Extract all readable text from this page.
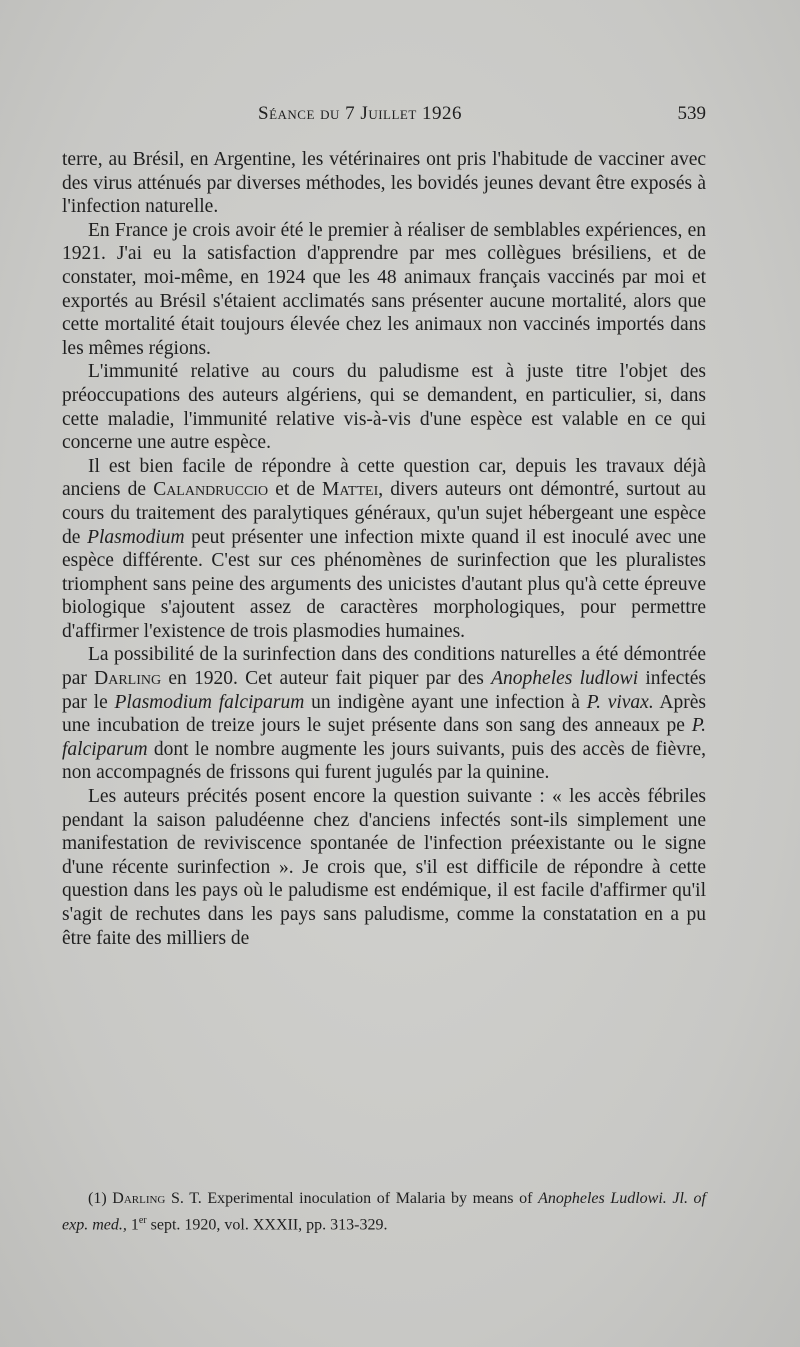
Séance du 7 Juillet 1926	539

terre, au Brésil, en Argentine, les vétérinaires ont pris l'habitude de vacciner avec des virus atténués par diverses méthodes, les bovidés jeunes devant être exposés à l'infection naturelle.

En France je crois avoir été le premier à réaliser de semblables expériences, en 1921. J'ai eu la satisfaction d'apprendre par mes collègues brésiliens, et de constater, moi-même, en 1924 que les 48 animaux français vaccinés par moi et exportés au Brésil s'étaient acclimatés sans présenter aucune mortalité, alors que cette mortalité était toujours élevée chez les animaux non vaccinés importés dans les mêmes régions.

L'immunité relative au cours du paludisme est à juste titre l'objet des préoccupations des auteurs algériens, qui se demandent, en particulier, si, dans cette maladie, l'immunité relative vis-à-vis d'une espèce est valable en ce qui concerne une autre espèce.

Il est bien facile de répondre à cette question car, depuis les travaux déjà anciens de Calandruccio et de Mattei, divers auteurs ont démontré, surtout au cours du traitement des paralytiques généraux, qu'un sujet hébergeant une espèce de Plasmodium peut présenter une infection mixte quand il est inoculé avec une espèce différente. C'est sur ces phénomènes de surinfection que les pluralistes triomphent sans peine des arguments des unicistes d'autant plus qu'à cette épreuve biologique s'ajoutent assez de caractères morphologiques, pour permettre d'affirmer l'existence de trois plasmodies humaines.

La possibilité de la surinfection dans des conditions naturelles a été démontrée par Darling en 1920. Cet auteur fait piquer par des Anopheles ludlowi infectés par le Plasmodium falciparum un indigène ayant une infection à P. vivax. Après une incubation de treize jours le sujet présente dans son sang des anneaux pe P. falciparum dont le nombre augmente les jours suivants, puis des accès de fièvre, non accompagnés de frissons qui furent jugulés par la quinine.

Les auteurs précités posent encore la question suivante : « les accès fébriles pendant la saison paludéenne chez d'anciens infectés sont-ils simplement une manifestation de reviviscence spontanée de l'infection préexistante ou le signe d'une récente surinfection ». Je crois que, s'il est difficile de répondre à cette question dans les pays où le paludisme est endémique, il est facile d'affirmer qu'il s'agit de rechutes dans les pays sans paludisme, comme la constatation en a pu être faite des milliers de

(1) Darling S. T. Experimental inoculation of Malaria by means of Anopheles Ludlowi. Jl. of exp. med., 1er sept. 1920, vol. XXXII, pp. 313-329.
